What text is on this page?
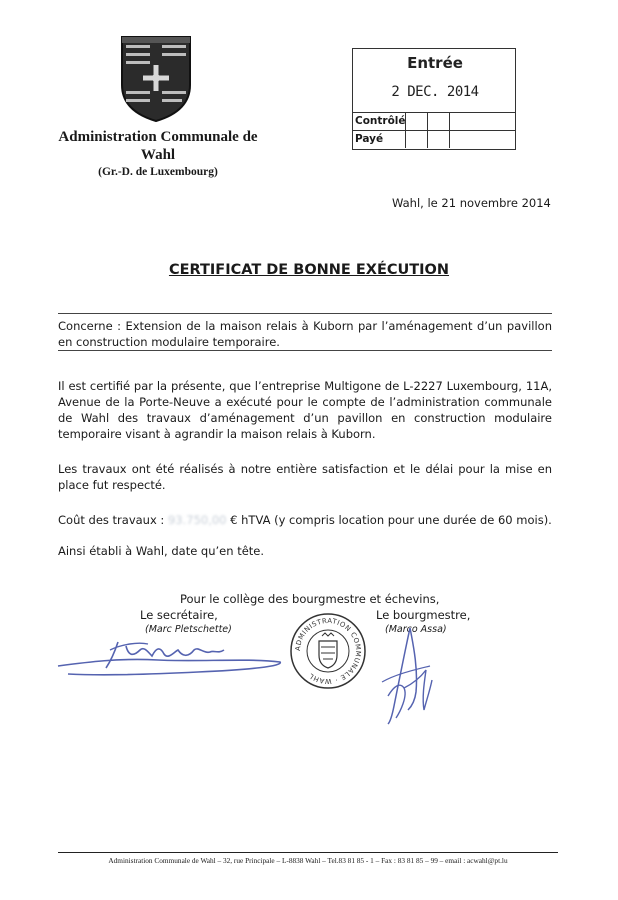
Administration Communale de
Wahl
(Gr.-D. de Luxembourg)
Entrée
2 DEC. 2014
Contrôlé
Payé
Wahl, le 21 novembre 2014
CERTIFICAT DE BONNE EXÉCUTION
Concerne : Extension de la maison relais à Kuborn par l’aménagement d’un pavillon en construction modulaire temporaire.

Il est certifié par la présente, que l’entreprise Multigone de L-2227 Luxembourg, 11A, Avenue de la Porte-Neuve a exécuté pour le compte de l’administration communale de Wahl des travaux d’aménagement d’un pavillon en construction modulaire temporaire visant à agrandir la maison relais à Kuborn.

Les travaux ont été réalisés à notre entière satisfaction et le délai pour la mise en place fut respecté.

Coût des travaux : 93.750,00 € hTVA (y compris location pour une durée de 60 mois).

Ainsi établi à Wahl, date qu’en tête.

Pour le collège des bourgmestre et échevins,
Le secrétaire,	Le bourgmestre,
(Marc Pletschette)	(Marco Assa)
ADMINISTRATION COMMUNALE · WAHL
Administration Communale de Wahl – 32, rue Principale – L-8838 Wahl – Tel.83 81 85 - 1 – Fax : 83 81 85 – 99 – email : acwahl@pt.lu
